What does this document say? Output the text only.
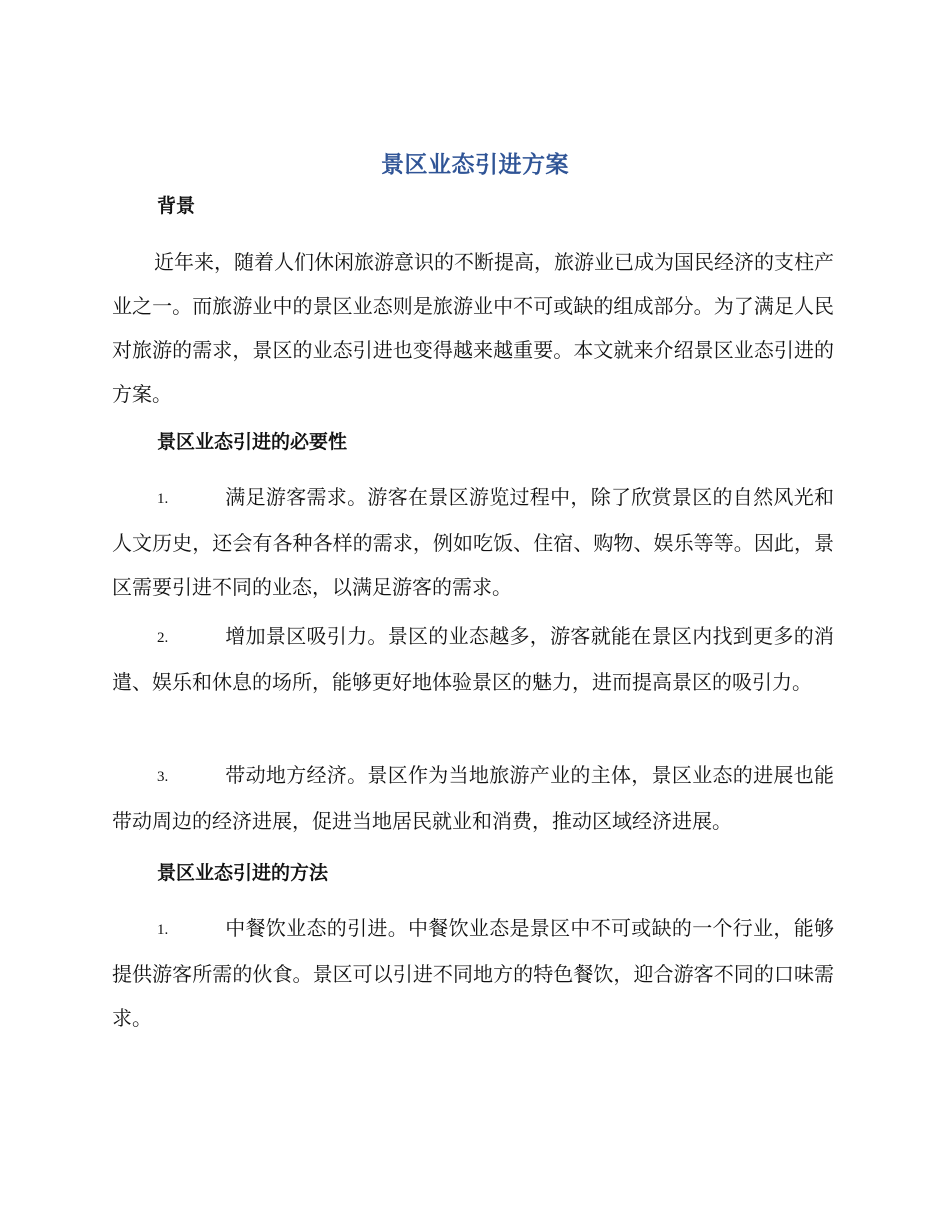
景区业态引进方案
背景
近年来，随着人们休闲旅游意识的不断提高，旅游业已成为国民经济的支柱产业之一。而旅游业中的景区业态则是旅游业中不可或缺的组成部分。为了满足人民对旅游的需求，景区的业态引进也变得越来越重要。本文就来介绍景区业态引进的方案。
景区业态引进的必要性
1.	满足游客需求。游客在景区游览过程中，除了欣赏景区的自然风光和人文历史，还会有各种各样的需求，例如吃饭、住宿、购物、娱乐等等。因此，景区需要引进不同的业态，以满足游客的需求。
2.	增加景区吸引力。景区的业态越多，游客就能在景区内找到更多的消遣、娱乐和休息的场所，能够更好地体验景区的魅力，进而提高景区的吸引力。
3.	带动地方经济。景区作为当地旅游产业的主体，景区业态的进展也能带动周边的经济进展，促进当地居民就业和消费，推动区域经济进展。
景区业态引进的方法
1.	中餐饮业态的引进。中餐饮业态是景区中不可或缺的一个行业，能够提供游客所需的伙食。景区可以引进不同地方的特色餐饮，迎合游客不同的口味需求。
